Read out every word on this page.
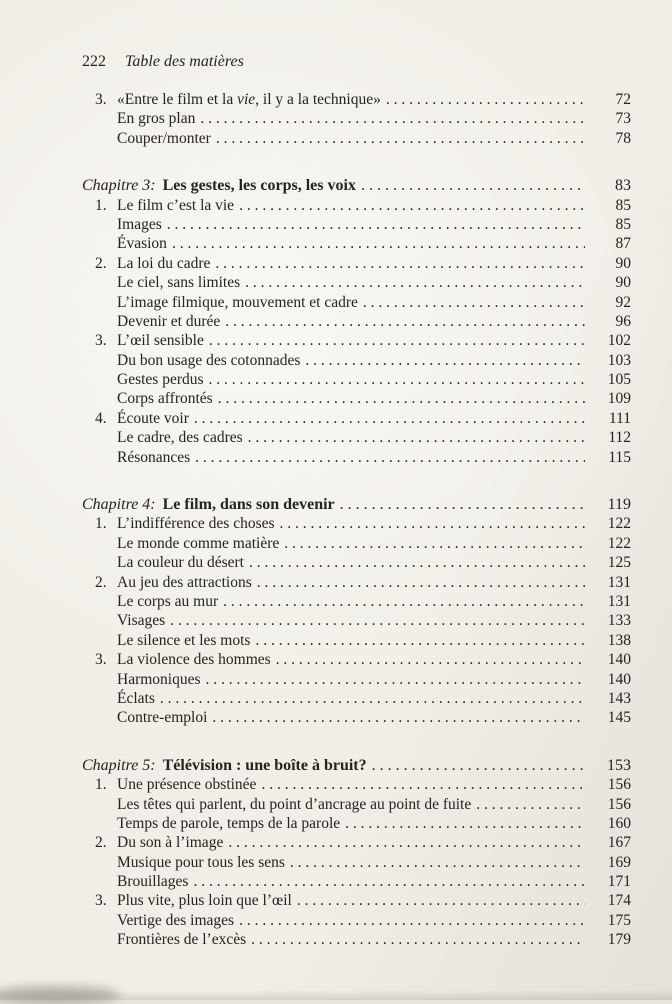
222 Table des matières
3. «Entre le film et la vie, il y a la technique» . . .	72
En gros plan . . .	73
Couper/monter . . .	78
Chapitre 3: Les gestes, les corps, les voix . . .	83
1. Le film c’est la vie . . .	85
Images . . .	85
Évasion . . .	87
2. La loi du cadre . . .	90
Le ciel, sans limites . . .	90
L’image filmique, mouvement et cadre . . .	92
Devenir et durée . . .	96
3. L’œil sensible . . .	102
Du bon usage des cotonnades . . .	103
Gestes perdus . . .	105
Corps affrontés . . .	109
4. Écoute voir . . .	111
Le cadre, des cadres . . .	112
Résonances . . .	115
Chapitre 4: Le film, dans son devenir . . .	119
1. L’indifférence des choses . . .	122
Le monde comme matière . . .	122
La couleur du désert . . .	125
2. Au jeu des attractions . . .	131
Le corps au mur . . .	131
Visages . . .	133
Le silence et les mots . . .	138
3. La violence des hommes . . .	140
Harmoniques . . .	140
Éclats . . .	143
Contre-emploi . . .	145
Chapitre 5: Télévision : une boîte à bruit? . . .	153
1. Une présence obstinée . . .	156
Les têtes qui parlent, du point d’ancrage au point de fuite . . .	156
Temps de parole, temps de la parole . . .	160
2. Du son à l’image . . .	167
Musique pour tous les sens . . .	169
Brouillages . . .	171
3. Plus vite, plus loin que l’œil . . .	174
Vertige des images . . .	175
Frontières de l’excès . . .	179
